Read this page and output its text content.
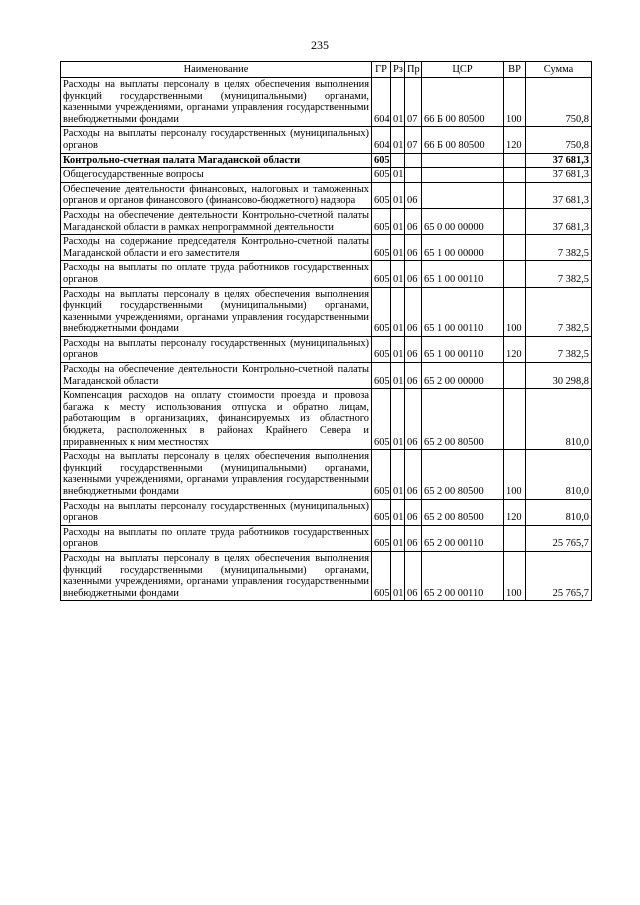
235
Наименование	ГР	Рз	Пр	ЦСР	ВР	Сумма
Расходы на выплаты персоналу в целях обеспечения выполнения функций государственными (муниципальными) органами, казенными учреждениями, органами управления государственными внебюджетными фондами	604	01	07	66 Б 00 80500	100	750,8
Расходы на выплаты персоналу государственных (муниципальных) органов	604	01	07	66 Б 00 80500	120	750,8
Контрольно-счетная палата Магаданской области	605					37 681,3
Общегосударственные вопросы	605	01				37 681,3
Обеспечение деятельности финансовых, налоговых и таможенных органов и органов финансового (финансово-бюджетного) надзора	605	01	06			37 681,3
Расходы на обеспечение деятельности Контрольно-счетной палаты Магаданской области в рамках непрограммной деятельности	605	01	06	65 0 00 00000		37 681,3
Расходы на содержание председателя Контрольно-счетной палаты Магаданской области и его заместителя	605	01	06	65 1 00 00000		7 382,5
Расходы на выплаты по оплате труда работников государственных органов	605	01	06	65 1 00 00110		7 382,5
Расходы на выплаты персоналу в целях обеспечения выполнения функций государственными (муниципальными) органами, казенными учреждениями, органами управления государственными внебюджетными фондами	605	01	06	65 1 00 00110	100	7 382,5
Расходы на выплаты персоналу государственных (муниципальных) органов	605	01	06	65 1 00 00110	120	7 382,5
Расходы на обеспечение деятельности Контрольно-счетной палаты Магаданской области	605	01	06	65 2 00 00000		30 298,8
Компенсация расходов на оплату стоимости проезда и провоза багажа к месту использования отпуска и обратно лицам, работающим в организациях, финансируемых из областного бюджета, расположенных в районах Крайнего Севера и приравненных к ним местностях	605	01	06	65 2 00 80500		810,0
Расходы на выплаты персоналу в целях обеспечения выполнения функций государственными (муниципальными) органами, казенными учреждениями, органами управления государственными внебюджетными фондами	605	01	06	65 2 00 80500	100	810,0
Расходы на выплаты персоналу государственных (муниципальных) органов	605	01	06	65 2 00 80500	120	810,0
Расходы на выплаты по оплате труда работников государственных органов	605	01	06	65 2 00 00110		25 765,7
Расходы на выплаты персоналу в целях обеспечения выполнения функций государственными (муниципальными) органами, казенными учреждениями, органами управления государственными внебюджетными фондами	605	01	06	65 2 00 00110	100	25 765,7
